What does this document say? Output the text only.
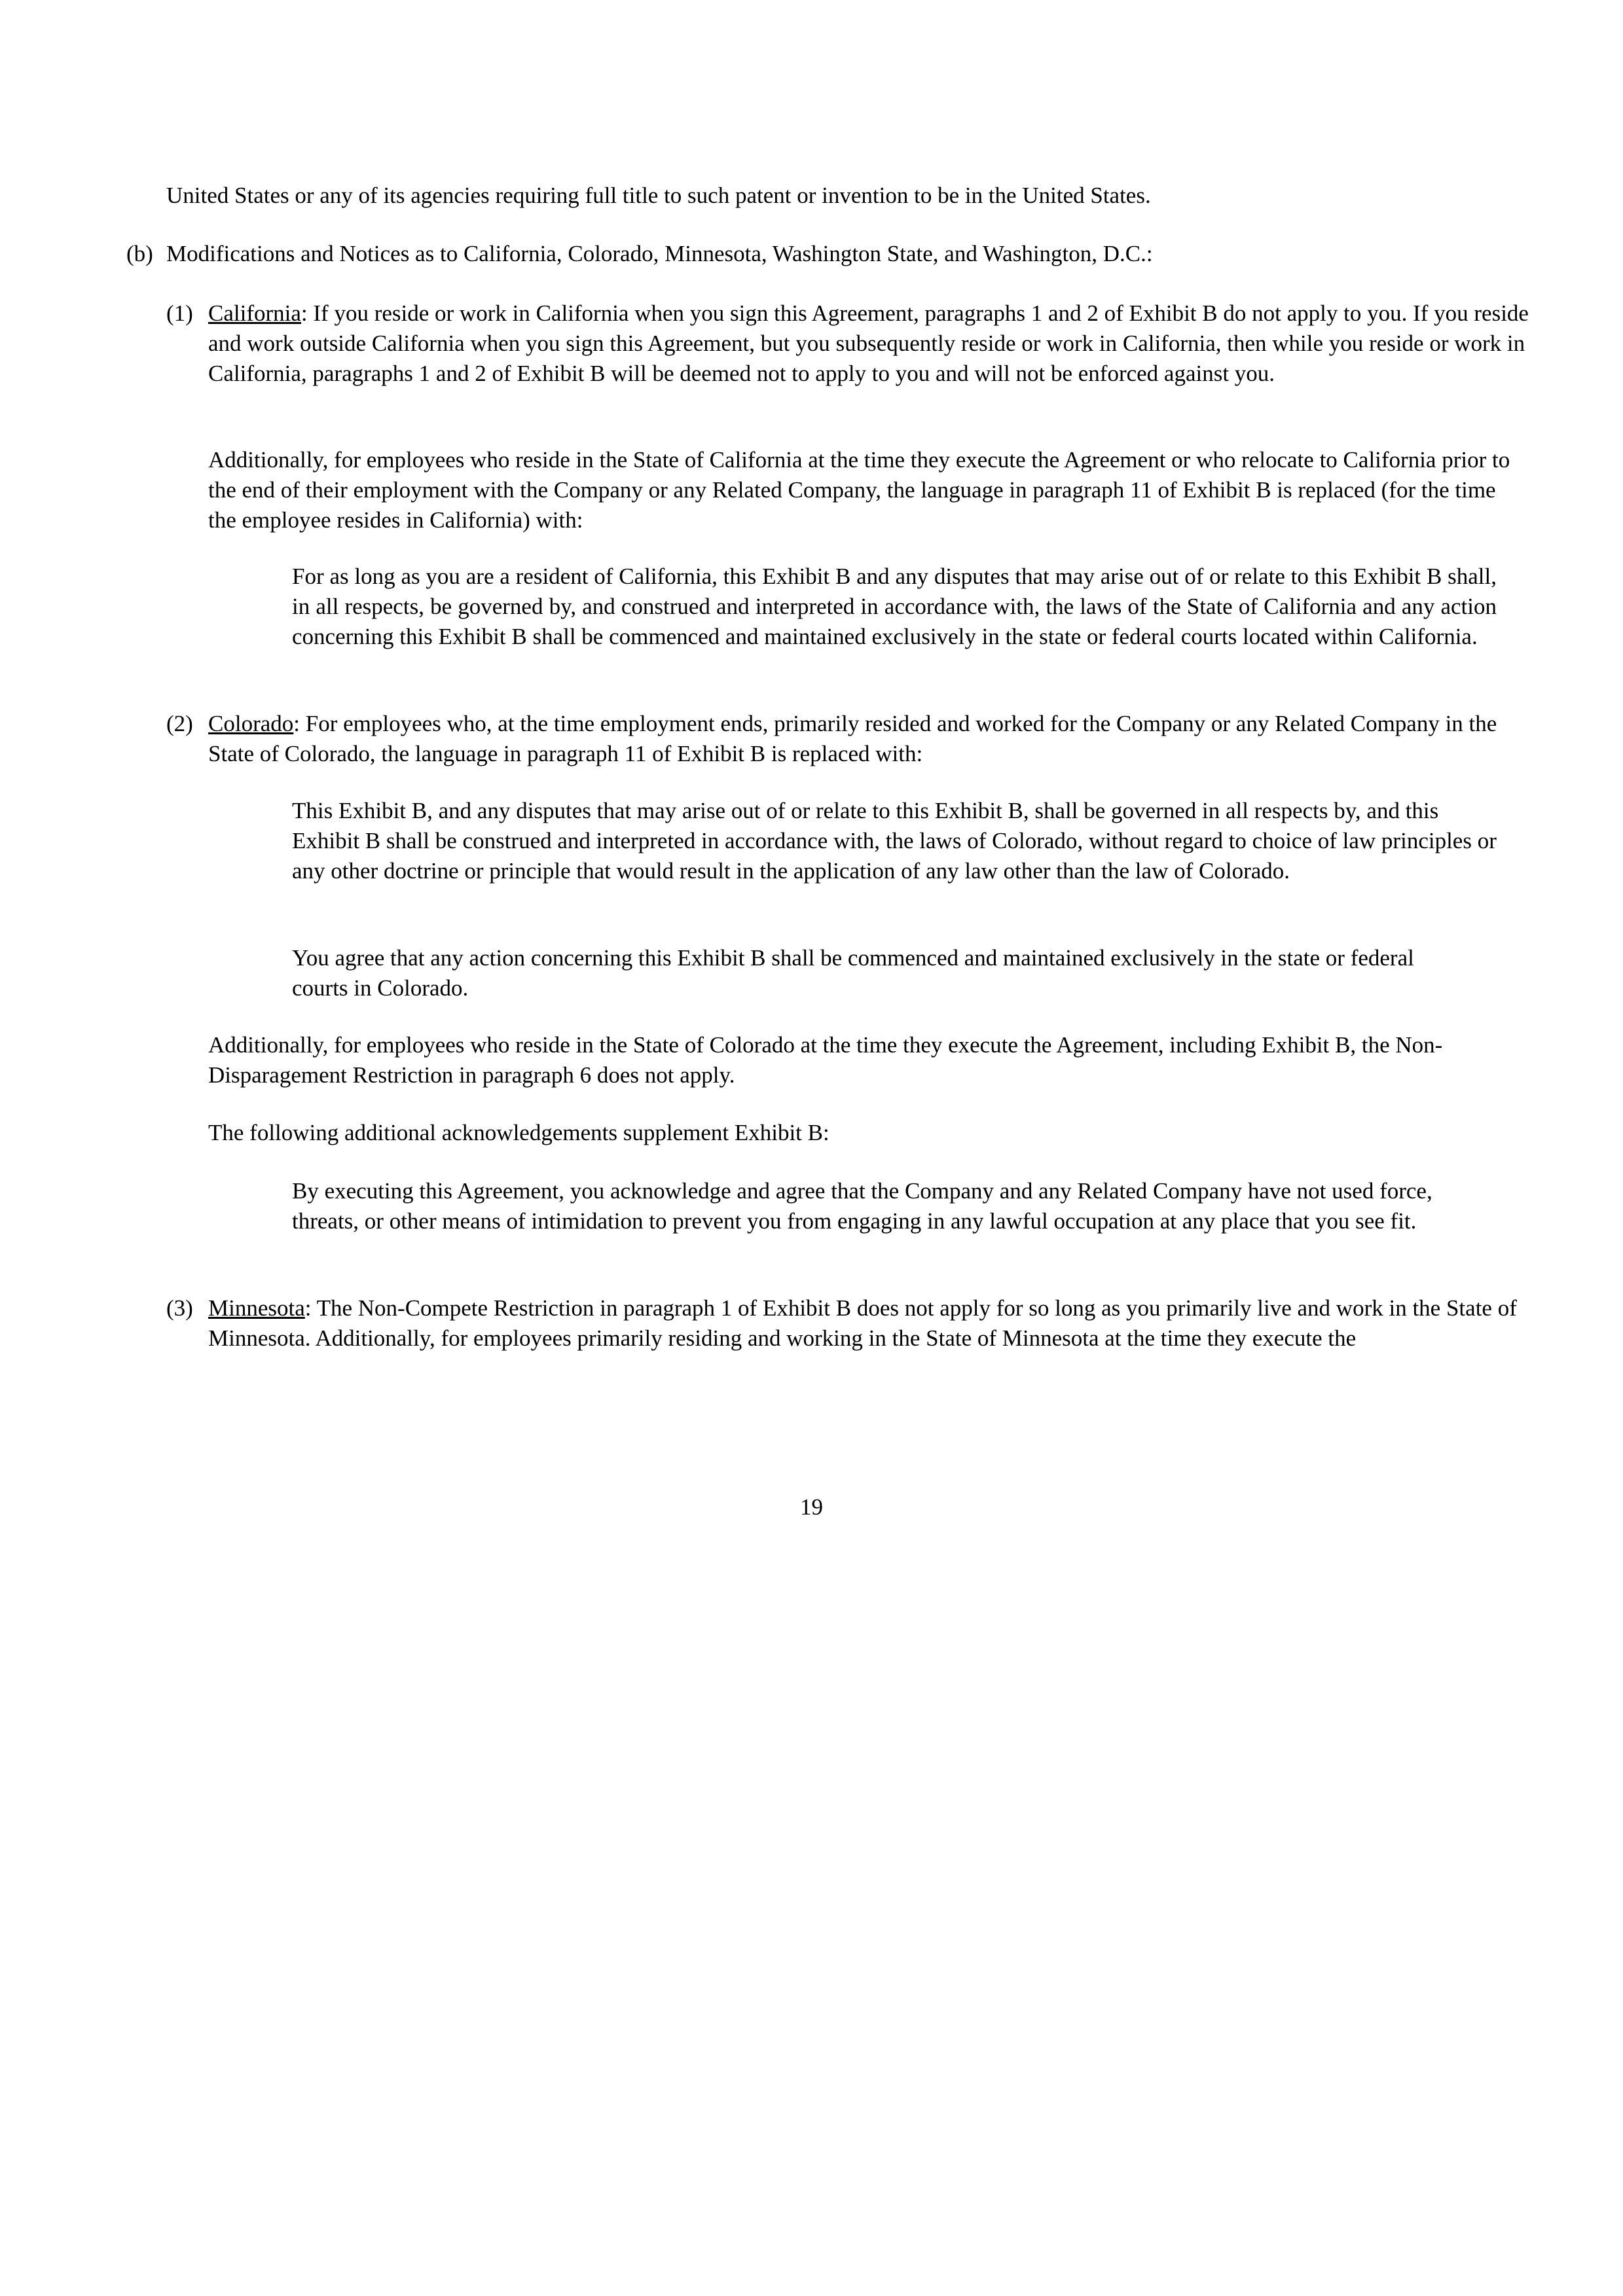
United States or any of its agencies requiring full title to such patent or invention to be in the United States.

(b) Modifications and Notices as to California, Colorado, Minnesota, Washington State, and Washington, D.C.:

(1) California: If you reside or work in California when you sign this Agreement, paragraphs 1 and 2 of Exhibit B do not apply to you. If you reside and work outside California when you sign this Agreement, but you subsequently reside or work in California, then while you reside or work in California, paragraphs 1 and 2 of Exhibit B will be deemed not to apply to you and will not be enforced against you.

Additionally, for employees who reside in the State of California at the time they execute the Agreement or who relocate to California prior to the end of their employment with the Company or any Related Company, the language in paragraph 11 of Exhibit B is replaced (for the time the employee resides in California) with:

For as long as you are a resident of California, this Exhibit B and any disputes that may arise out of or relate to this Exhibit B shall, in all respects, be governed by, and construed and interpreted in accordance with, the laws of the State of California and any action concerning this Exhibit B shall be commenced and maintained exclusively in the state or federal courts located within California.

(2) Colorado: For employees who, at the time employment ends, primarily resided and worked for the Company or any Related Company in the State of Colorado, the language in paragraph 11 of Exhibit B is replaced with:

This Exhibit B, and any disputes that may arise out of or relate to this Exhibit B, shall be governed in all respects by, and this Exhibit B shall be construed and interpreted in accordance with, the laws of Colorado, without regard to choice of law principles or any other doctrine or principle that would result in the application of any law other than the law of Colorado.

You agree that any action concerning this Exhibit B shall be commenced and maintained exclusively in the state or federal courts in Colorado.

Additionally, for employees who reside in the State of Colorado at the time they execute the Agreement, including Exhibit B, the Non-Disparagement Restriction in paragraph 6 does not apply.

The following additional acknowledgements supplement Exhibit B:

By executing this Agreement, you acknowledge and agree that the Company and any Related Company have not used force, threats, or other means of intimidation to prevent you from engaging in any lawful occupation at any place that you see fit.

(3) Minnesota: The Non-Compete Restriction in paragraph 1 of Exhibit B does not apply for so long as you primarily live and work in the State of Minnesota. Additionally, for employees primarily residing and working in the State of Minnesota at the time they execute the

19
